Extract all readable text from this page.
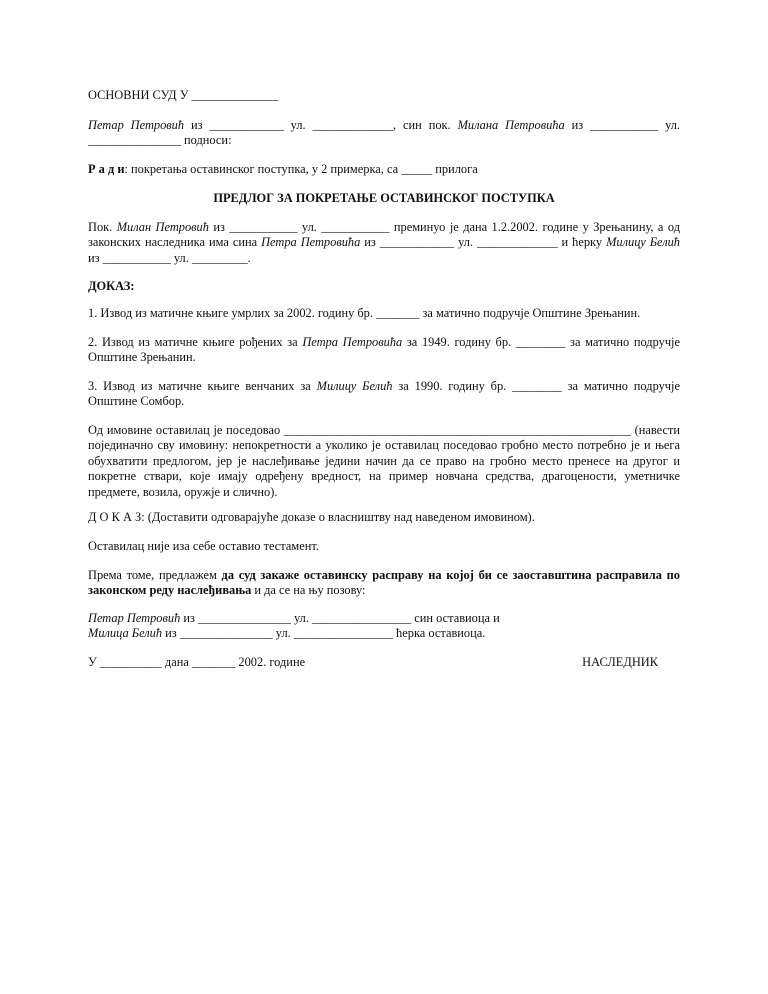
ОСНОВНИ СУД У ______________

Петар Петровић из ____________ ул. _____________, син пок. Милана Петровића из ___________ ул.

_______________ подноси:

Р а д и: покретања оставинског поступка, у 2 примерка, са _____ прилога

ПРЕДЛОГ ЗА ПОКРЕТАЊЕ ОСТАВИНСКОГ ПОСТУПКА

Пок. Милан Петровић из ___________ ул. ___________ преминуо је дана 1.2.2002. године у Зрењанину, а од законских наследника има сина Петра Петровића из ____________ ул. _____________ и ћерку Милицу Белић из ___________ ул. _________.

ДОКАЗ:

1. Извод из матичне књиге умрлих за 2002. годину бр. _______ за матично подручје Општине Зрењанин.

2. Извод из матичне књиге рођених за Петра Петровића за 1949. годину бр. ________ за матично подручје Општине Зрењанин.

3. Извод из матичне књиге венчаних за Милицу Белић за 1990. годину бр. ________ за матично подручје Општине Сомбор.

Од имовине оставилац је поседовао ________________________________________________________ (навести појединачно сву имовину: непокретности а уколико је оставилац поседовао гробно место потребно је и њега обухватити предлогом, јер је наслеђивање једини начин да се право на гробно место пренесе на другог и покретне ствари, које имају одређену вредност, на пример новчана средства, драгоцености, уметничке предмете, возила, оружје и слично).

Д О К А З: (Доставити одговарајуће доказе о власништву над наведеном имовином).

Оставилац није иза себе оставио тестамент.

Према томе, предлажем да суд закаже оставинску расправу на којој би се заоставштина расправила по законском реду наслеђивања и да се на њу позову:

Петар Петровић из _______________ ул. ________________ син оставиоца и

Милица Белић из _______________ ул. ________________ ћерка оставиоца.

У __________ дана _______ 2002. године	НАСЛЕДНИК
